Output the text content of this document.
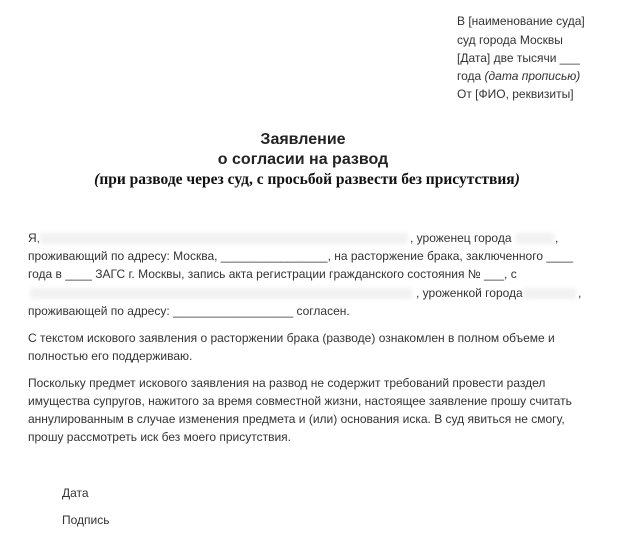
В [наименование суда]
суд города Москвы
[Дата] две тысячи ___
года (дата прописью)
От [ФИО, реквизиты]
Заявление
о согласии на развод
(при разводе через суд, с просьбой развести без присутствия)
Я,	, уроженец города	,
проживающий по адресу: Москва, ________________, на расторжение брака, заключенного ____
года в ____ ЗАГС г. Москвы, запись акта регистрации гражданского состояния № ___, с
, уроженкой города	,
проживающей по адресу: __________________ согласен.
С текстом искового заявления о расторжении брака (разводе) ознакомлен в полном объеме и
полностью его поддерживаю.
Поскольку предмет искового заявления на развод не содержит требований провести раздел
имущества супругов, нажитого за время совместной жизни, настоящее заявление прошу считать
аннулированным в случае изменения предмета и (или) основания иска. В суд явиться не смогу,
прошу рассмотреть иск без моего присутствия.
Дата
Подпись
